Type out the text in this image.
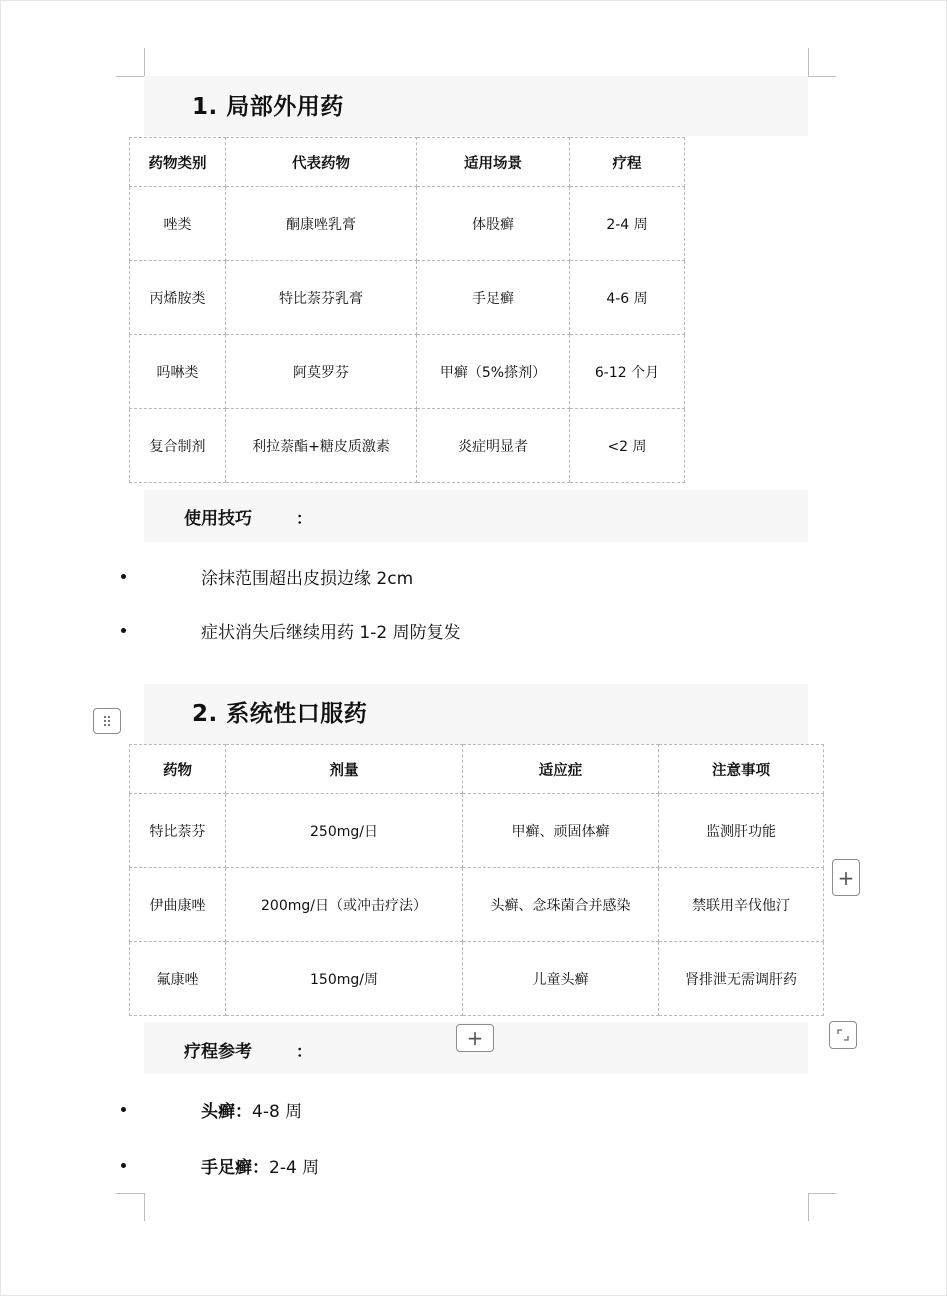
1. 局部外用药
药物类别	代表药物	适用场景	疗程
唑类	酮康唑乳膏	体股癣	2-4 周
丙烯胺类	特比萘芬乳膏	手足癣	4-6 周
吗啉类	阿莫罗芬	甲癣（5%搽剂）	6-12 个月
复合制剂	利拉萘酯+糖皮质激素	炎症明显者	<2 周
使用技巧	：
涂抹范围超出皮损边缘 2cm
症状消失后继续用药 1-2 周防复发
2. 系统性口服药
药物	剂量	适应症	注意事项
特比萘芬	250mg/日	甲癣、顽固体癣	监测肝功能
伊曲康唑	200mg/日（或冲击疗法）	头癣、念珠菌合并感染	禁联用辛伐他汀
氟康唑	150mg/周	儿童头癣	肾排泄无需调肝药
+
疗程参考	：
+
头癣：4-8 周
手足癣：2-4 周
